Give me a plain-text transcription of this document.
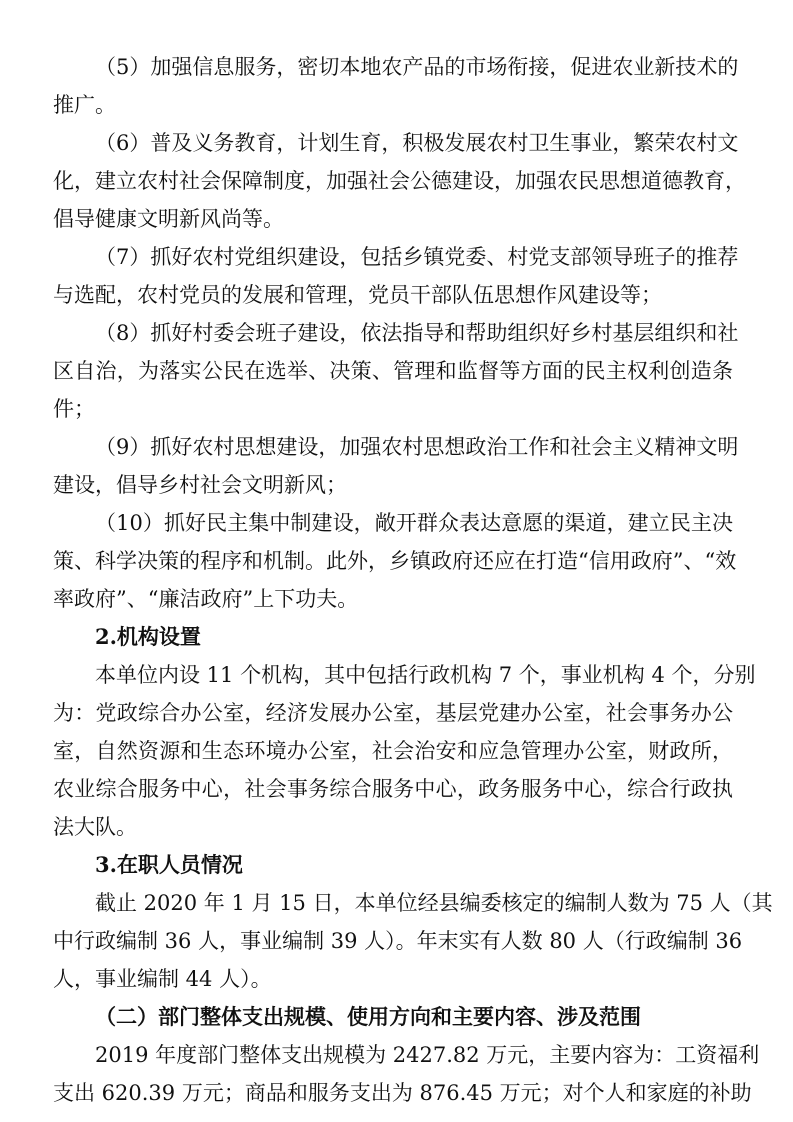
（5）加强信息服务，密切本地农产品的市场衔接，促进农业新技术的
推广。
（6）普及义务教育，计划生育，积极发展农村卫生事业，繁荣农村文
化，建立农村社会保障制度，加强社会公德建设，加强农民思想道德教育，
倡导健康文明新风尚等。
（7）抓好农村党组织建设，包括乡镇党委、村党支部领导班子的推荐
与选配，农村党员的发展和管理，党员干部队伍思想作风建设等；
（8）抓好村委会班子建设，依法指导和帮助组织好乡村基层组织和社
区自治，为落实公民在选举、决策、管理和监督等方面的民主权利创造条
件；
（9）抓好农村思想建设，加强农村思想政治工作和社会主义精神文明
建设，倡导乡村社会文明新风；
（10）抓好民主集中制建设，敞开群众表达意愿的渠道，建立民主决
策、科学决策的程序和机制。此外，乡镇政府还应在打造“信用政府”、“效
率政府”、“廉洁政府”上下功夫。
2.机构设置
本单位内设 11 个机构，其中包括行政机构 7 个，事业机构 4 个，分别
为：党政综合办公室，经济发展办公室，基层党建办公室，社会事务办公
室，自然资源和生态环境办公室，社会治安和应急管理办公室，财政所，
农业综合服务中心，社会事务综合服务中心，政务服务中心，综合行政执
法大队。
3.在职人员情况
截止 2020 年 1 月 15 日，本单位经县编委核定的编制人数为 75 人（其
中行政编制 36 人，事业编制 39 人）。年末实有人数 80 人（行政编制 36
人，事业编制 44 人）。
（二）部门整体支出规模、使用方向和主要内容、涉及范围
2019 年度部门整体支出规模为 2427.82 万元，主要内容为：工资福利
支出 620.39 万元；商品和服务支出为 876.45 万元；对个人和家庭的补助
